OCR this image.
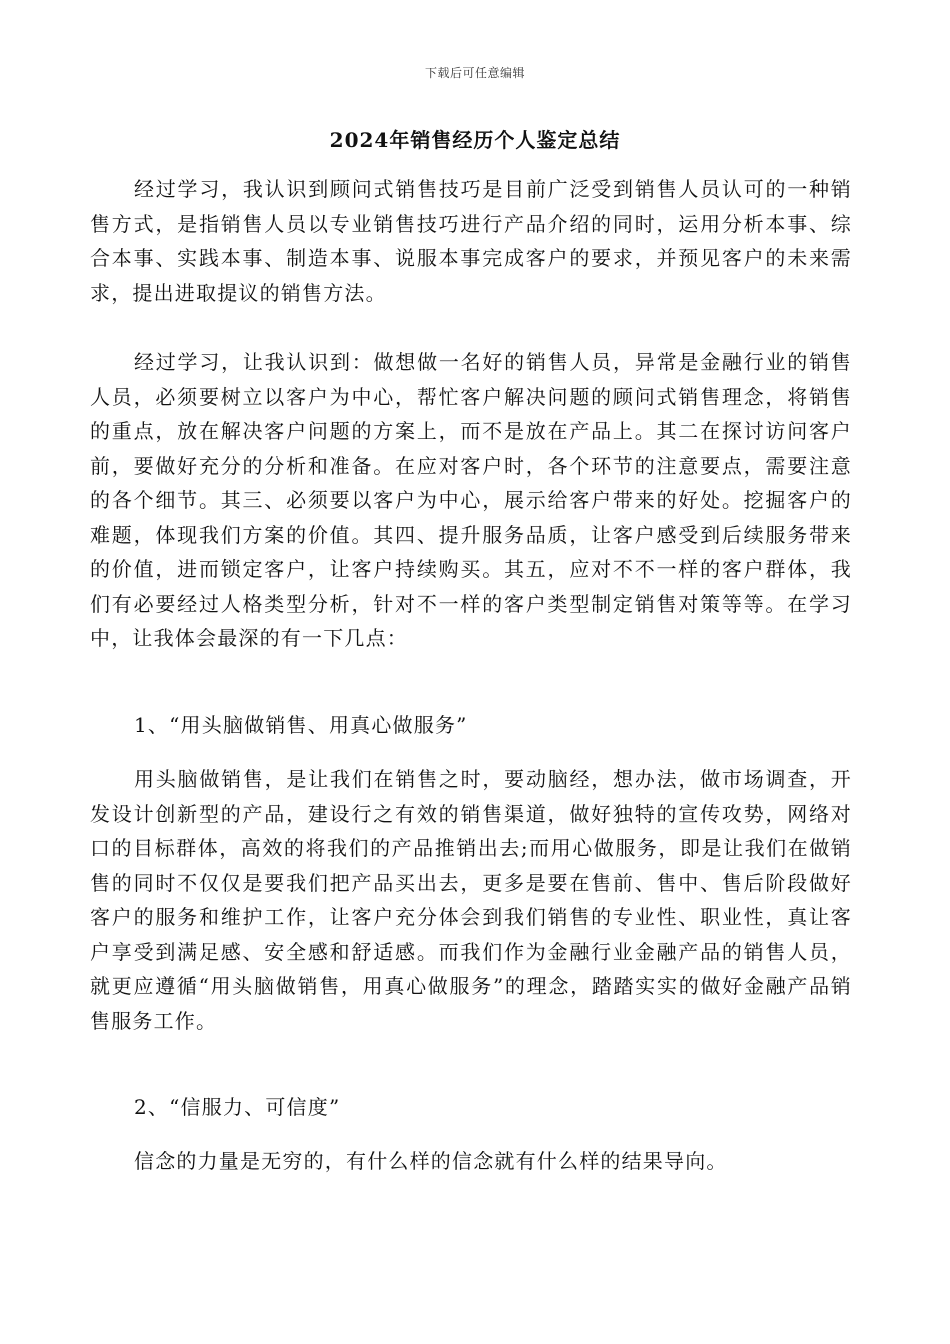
下载后可任意编辑
2024年销售经历个人鉴定总结

经过学习，我认识到顾问式销售技巧是目前广泛受到销售人员认可的一种销售方式，是指销售人员以专业销售技巧进行产品介绍的同时，运用分析本事、综合本事、实践本事、制造本事、说服本事完成客户的要求，并预见客户的未来需求，提出进取提议的销售方法。

经过学习，让我认识到：做想做一名好的销售人员，异常是金融行业的销售人员，必须要树立以客户为中心，帮忙客户解决问题的顾问式销售理念，将销售的重点，放在解决客户问题的方案上，而不是放在产品上。其二在探讨访问客户前，要做好充分的分析和准备。在应对客户时，各个环节的注意要点，需要注意的各个细节。其三、必须要以客户为中心，展示给客户带来的好处。挖掘客户的难题，体现我们方案的价值。其四、提升服务品质，让客户感受到后续服务带来的价值，进而锁定客户，让客户持续购买。其五，应对不不一样的客户群体，我们有必要经过人格类型分析，针对不一样的客户类型制定销售对策等等。在学习中，让我体会最深的有一下几点：

1、“用头脑做销售、用真心做服务”

用头脑做销售，是让我们在销售之时，要动脑经，想办法，做市场调查，开发设计创新型的产品，建设行之有效的销售渠道，做好独特的宣传攻势，网络对口的目标群体，高效的将我们的产品推销出去;而用心做服务，即是让我们在做销售的同时不仅仅是要我们把产品买出去，更多是要在售前、售中、售后阶段做好客户的服务和维护工作，让客户充分体会到我们销售的专业性、职业性，真让客户享受到满足感、安全感和舒适感。而我们作为金融行业金融产品的销售人员，就更应遵循“用头脑做销售，用真心做服务”的理念，踏踏实实的做好金融产品销售服务工作。

2、“信服力、可信度”

信念的力量是无穷的，有什么样的信念就有什么样的结果导向。
